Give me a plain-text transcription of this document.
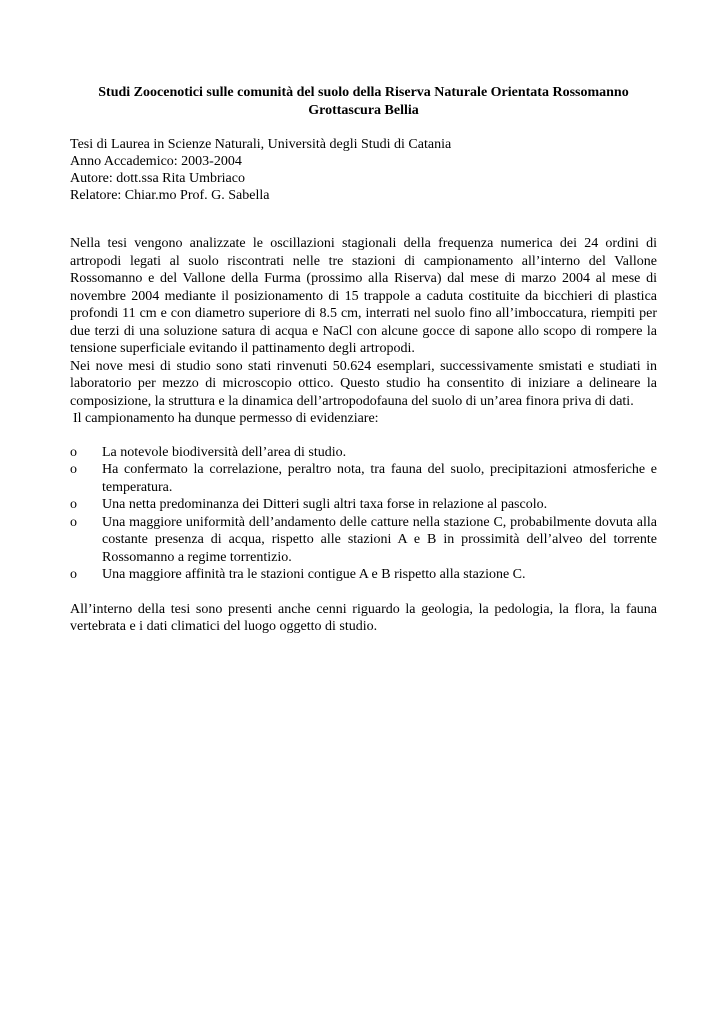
Studi Zoocenotici sulle comunità del suolo della Riserva Naturale Orientata Rossomanno
Grottascura Bellia
Tesi di Laurea in Scienze Naturali, Università degli Studi di Catania
Anno Accademico: 2003-2004
Autore: dott.ssa Rita Umbriaco
Relatore: Chiar.mo Prof. G. Sabella

Nella tesi vengono analizzate le oscillazioni stagionali della frequenza numerica dei 24 ordini di artropodi legati al suolo riscontrati nelle tre stazioni di campionamento all’interno del Vallone Rossomanno e del Vallone della Furma (prossimo alla Riserva) dal mese di marzo 2004 al mese di novembre 2004 mediante il posizionamento di 15 trappole a caduta costituite da bicchieri di plastica profondi 11 cm e con diametro superiore di 8.5 cm, interrati nel suolo fino all’imboccatura, riempiti per due terzi di una soluzione satura di acqua e NaCl con alcune gocce di sapone allo scopo di rompere la tensione superficiale evitando il pattinamento degli artropodi.

Nei nove mesi di studio sono stati rinvenuti 50.624 esemplari, successivamente smistati e studiati in laboratorio per mezzo di microscopio ottico. Questo studio ha consentito di iniziare a delineare la composizione, la struttura e la dinamica dell’artropodofauna del suolo di un’area finora priva di dati.

Il campionamento ha dunque permesso di evidenziare:

o	La notevole biodiversità dell’area di studio.
o	Ha confermato la correlazione, peraltro nota, tra fauna del suolo, precipitazioni atmosferiche e temperatura.
o	Una netta predominanza dei Ditteri sugli altri taxa forse in relazione al pascolo.
o	Una maggiore uniformità dell’andamento delle catture nella stazione C, probabilmente dovuta alla costante presenza di acqua, rispetto alle stazioni A e B in prossimità dell’alveo del torrente Rossomanno a regime torrentizio.
o	Una maggiore affinità tra le stazioni contigue A e B rispetto alla stazione C.

All’interno della tesi sono presenti anche cenni riguardo la geologia, la pedologia, la flora, la fauna vertebrata e i dati climatici del luogo oggetto di studio.
